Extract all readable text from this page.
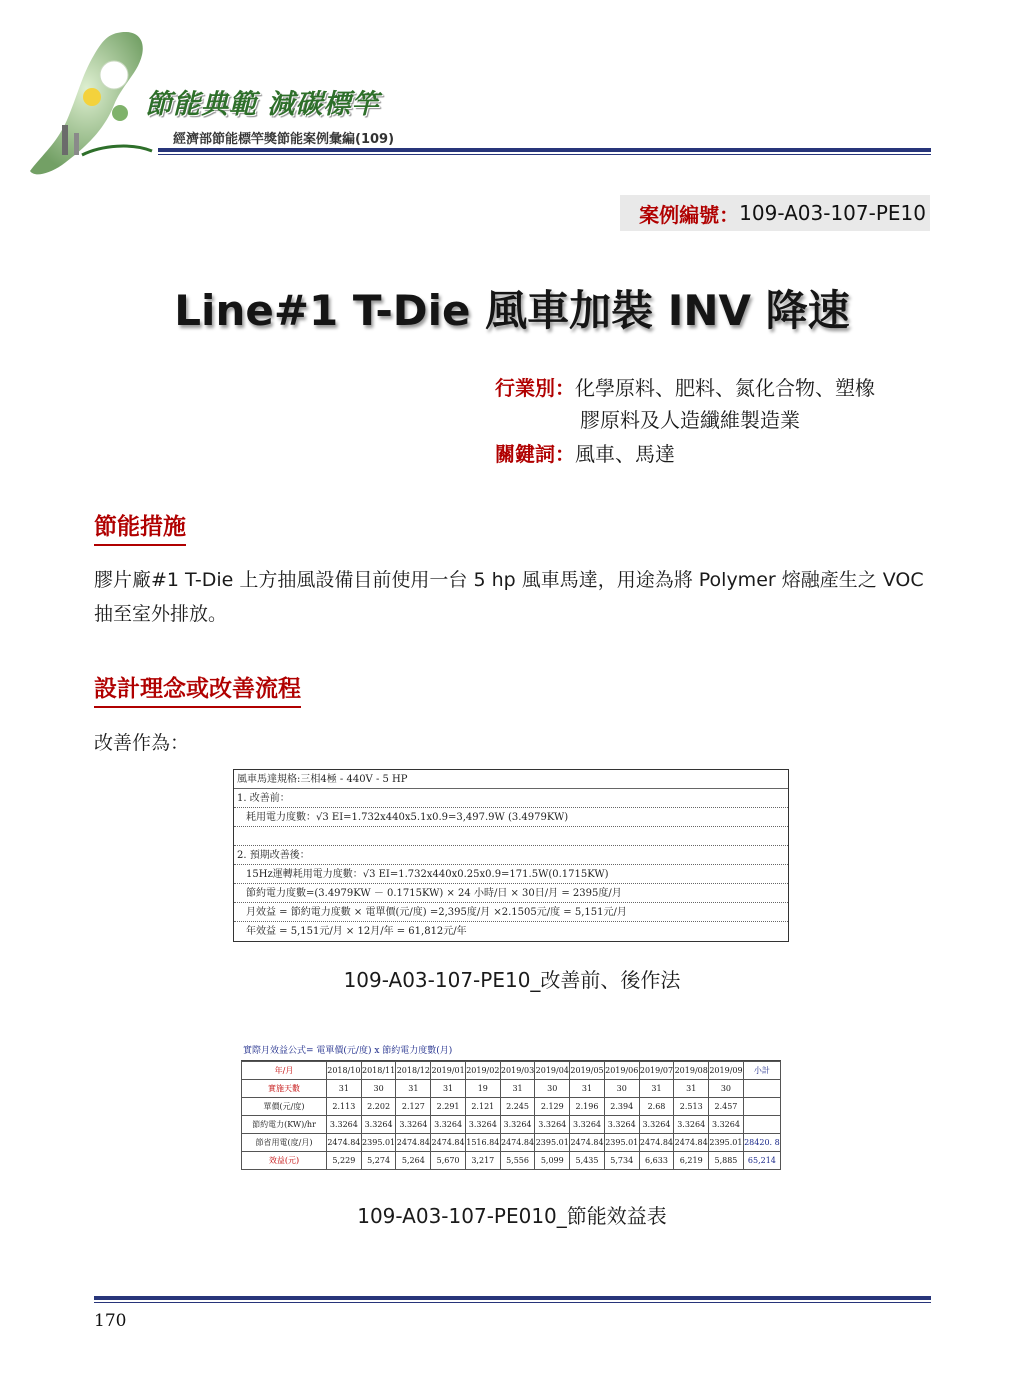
節能典範 減碳標竿
經濟部節能標竿獎節能案例彙編(109)
案例編號： 109-A03-107-PE10
Line#1 T-Die 風車加裝 INV 降速
行業別：化學原料、肥料、氮化合物、塑橡
膠原料及人造纖維製造業
關鍵詞：風車、馬達
節能措施
膠片廠#1 T-Die 上方抽風設備目前使用一台 5 hp 風車馬達，用途為將 Polymer 熔融產生之 VOC 抽至室外排放。
設計理念或改善流程
改善作為：
風車馬達規格:三相4極 - 440V - 5 HP
1. 改善前：
耗用電力度數：√3 EI=1.732x440x5.1x0.9=3,497.9W (3.4979KW)
2. 預期改善後：
15Hz運轉耗用電力度數：√3 EI=1.732x440x0.25x0.9=171.5W(0.1715KW)
節約電力度數=(3.4979KW － 0.1715KW) × 24 小時/日 × 30日/月 = 2395度/月
月效益 = 節約電力度數 × 電單價(元/度) =2,395度/月 ×2.1505元/度 = 5,151元/月
年效益 = 5,151元/月 × 12月/年 = 61,812元/年
109-A03-107-PE10_改善前、後作法
實際月效益公式= 電單價(元/度) x 節約電力度數(月)
年/月	2018/10	2018/11	2018/12	2019/01	2019/02	2019/03	2019/04	2019/05	2019/06	2019/07	2019/08	2019/09	小計
實施天數	31	30	31	31	19	31	30	31	30	31	31	30	
單價(元/度)	2.113	2.202	2.127	2.291	2.121	2.245	2.129	2.196	2.394	2.68	2.513	2.457	
節約電力(KW)/hr	3.3264	3.3264	3.3264	3.3264	3.3264	3.3264	3.3264	3.3264	3.3264	3.3264	3.3264	3.3264	
節省用電(度/月)	2474.84	2395.01	2474.84	2474.84	1516.84	2474.84	2395.01	2474.84	2395.01	2474.84	2474.84	2395.01	28420. 8
效益(元)	5,229	5,274	5,264	5,670	3,217	5,556	5,099	5,435	5,734	6,633	6,219	5,885	65,214
109-A03-107-PE010_節能效益表
170
